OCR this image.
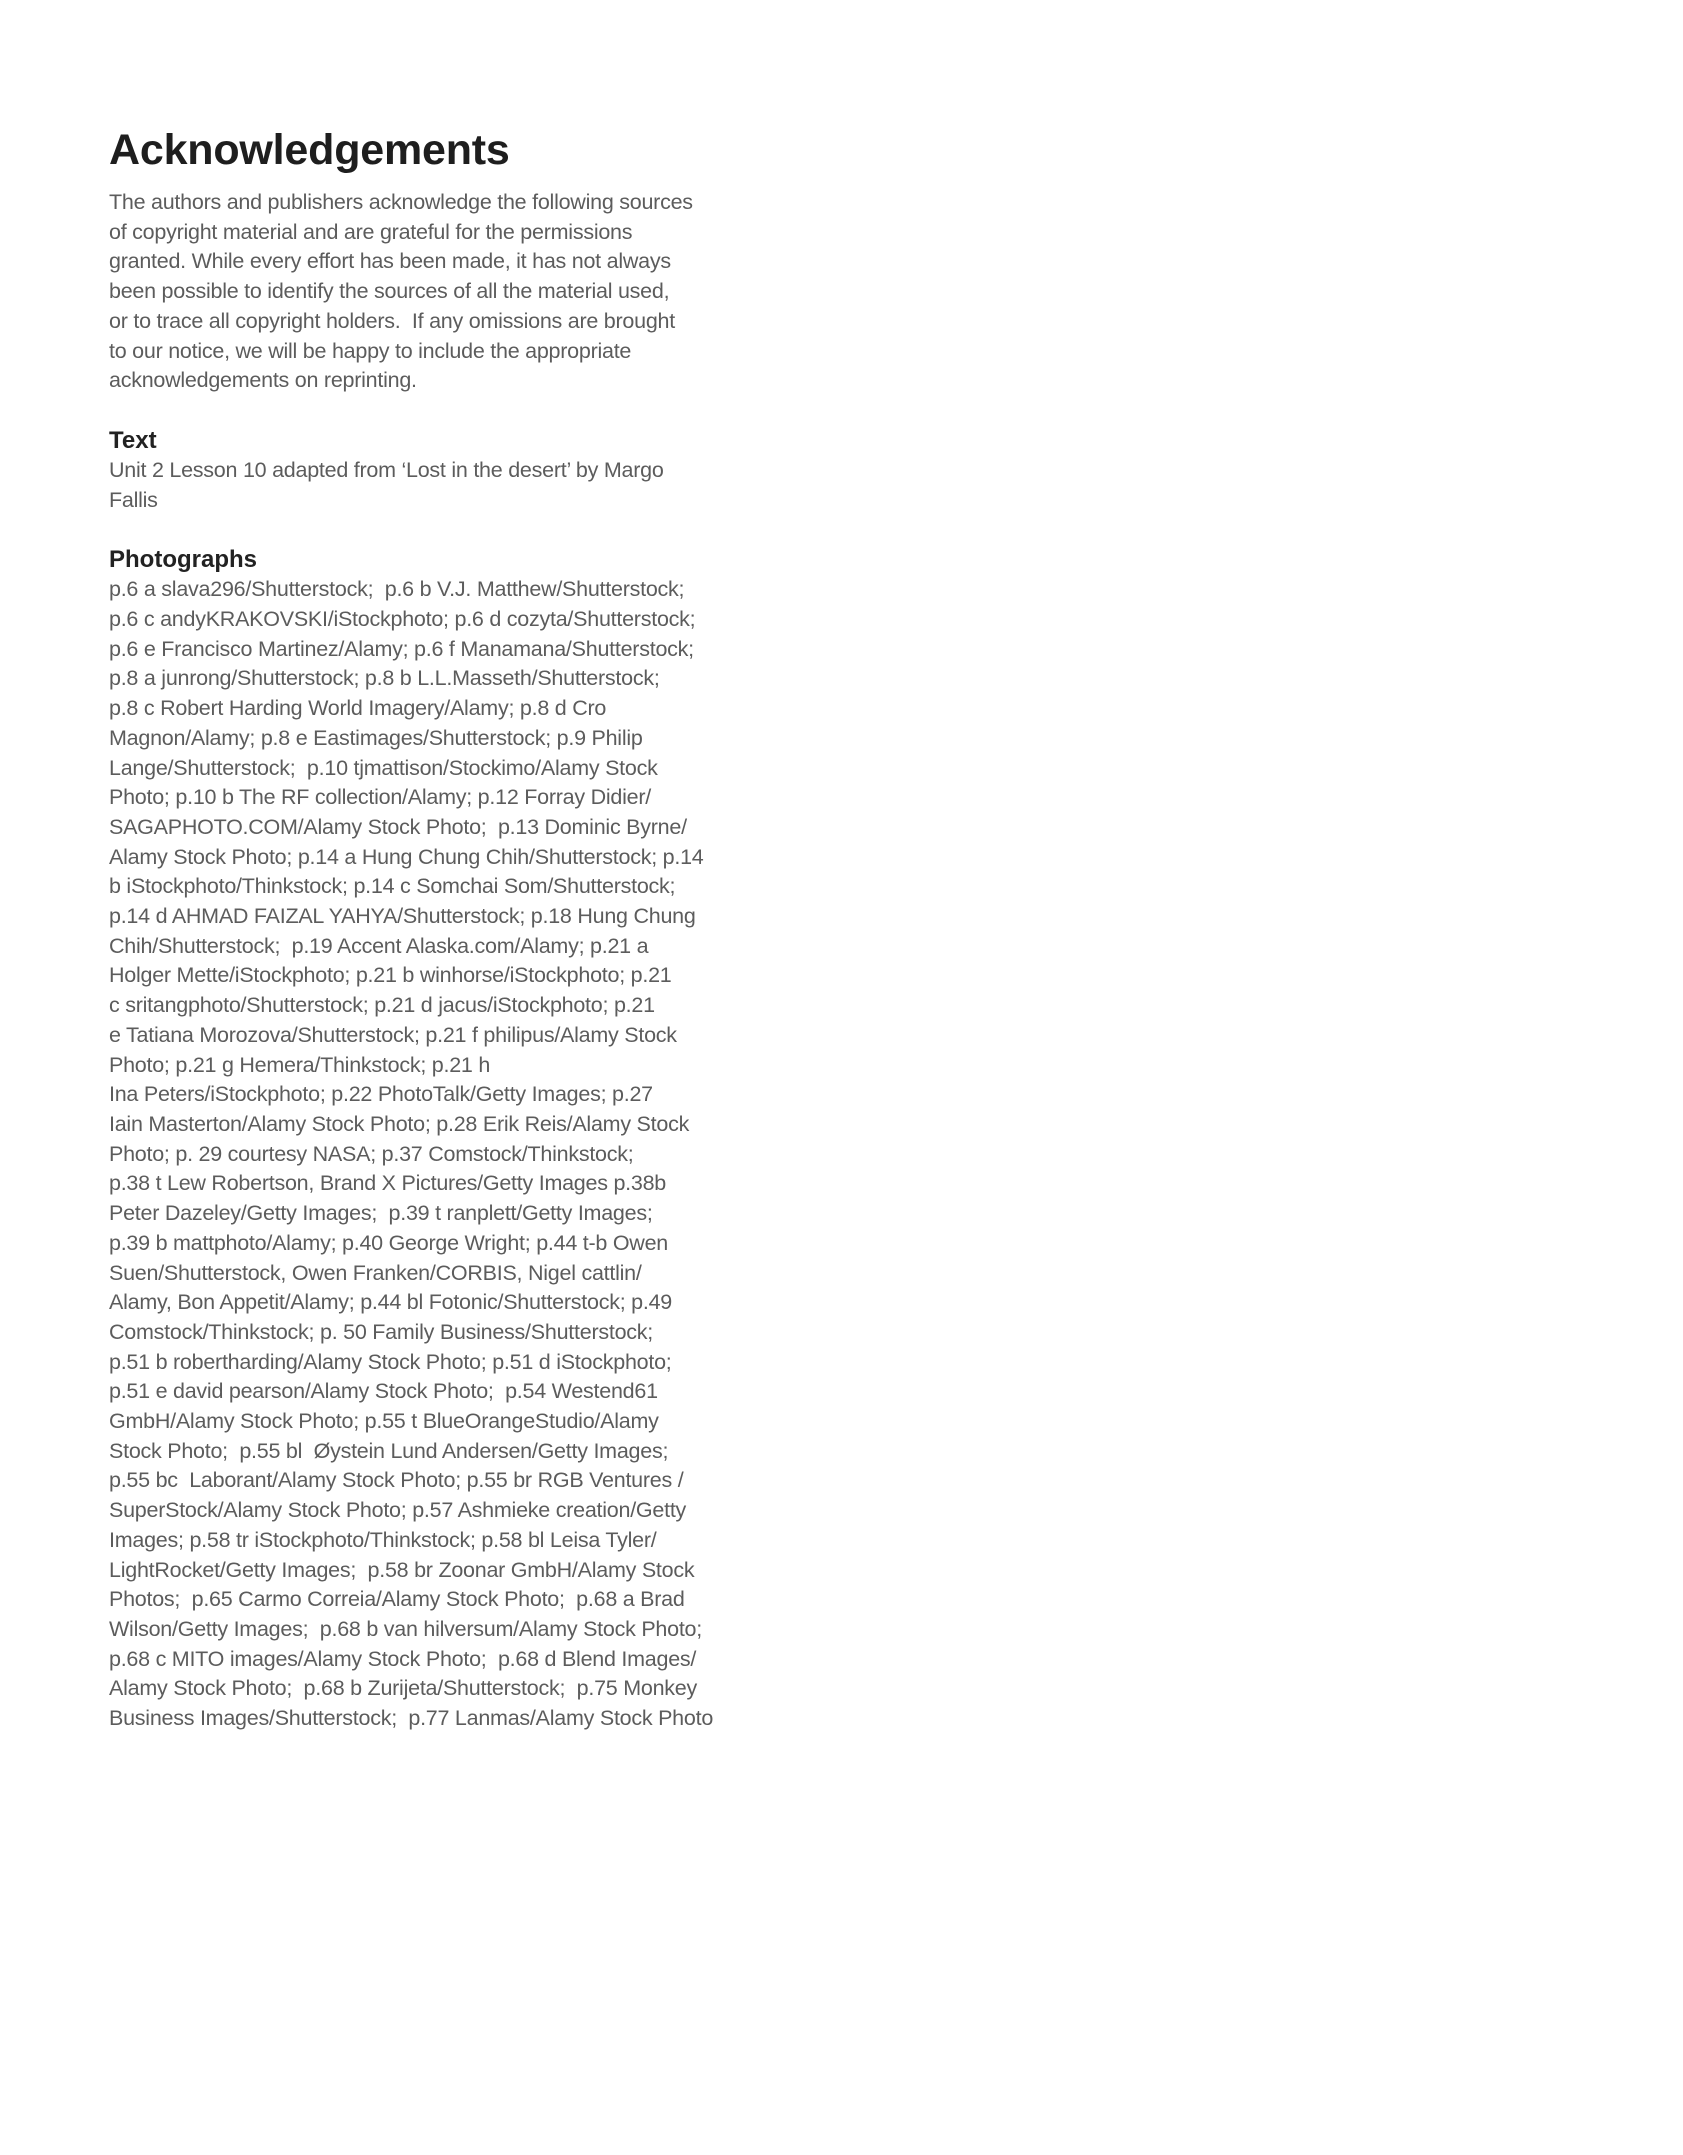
Acknowledgements
The authors and publishers acknowledge the following sources
of copyright material and are grateful for the permissions
granted. While every effort has been made, it has not always
been possible to identify the sources of all the material used,
or to trace all copyright holders.  If any omissions are brought
to our notice, we will be happy to include the appropriate
acknowledgements on reprinting.
Text
Unit 2 Lesson 10 adapted from ‘Lost in the desert’ by Margo
Fallis
Photographs
p.6 a slava296/Shutterstock;  p.6 b V.J. Matthew/Shutterstock;
p.6 c andyKRAKOVSKI/iStockphoto; p.6 d cozyta/Shutterstock;
p.6 e Francisco Martinez/Alamy; p.6 f Manamana/Shutterstock;
p.8 a junrong/Shutterstock; p.8 b L.L.Masseth/Shutterstock;
p.8 c Robert Harding World Imagery/Alamy; p.8 d Cro
Magnon/Alamy; p.8 e Eastimages/Shutterstock; p.9 Philip
Lange/Shutterstock;  p.10 tjmattison/Stockimo/Alamy Stock
Photo; p.10 b The RF collection/Alamy; p.12 Forray Didier/
SAGAPHOTO.COM/Alamy Stock Photo;  p.13 Dominic Byrne/
Alamy Stock Photo; p.14 a Hung Chung Chih/Shutterstock; p.14
b iStockphoto/Thinkstock; p.14 c Somchai Som/Shutterstock;
p.14 d AHMAD FAIZAL YAHYA/Shutterstock; p.18 Hung Chung
Chih/Shutterstock;  p.19 Accent Alaska.com/Alamy; p.21 a
Holger Mette/iStockphoto; p.21 b winhorse/iStockphoto; p.21
c sritangphoto/Shutterstock; p.21 d jacus/iStockphoto; p.21
e Tatiana Morozova/Shutterstock; p.21 f philipus/Alamy Stock
Photo; p.21 g Hemera/Thinkstock; p.21 h
Ina Peters/iStockphoto; p.22 PhotoTalk/Getty Images; p.27
Iain Masterton/Alamy Stock Photo; p.28 Erik Reis/Alamy Stock
Photo; p. 29 courtesy NASA; p.37 Comstock/Thinkstock;
p.38 t Lew Robertson, Brand X Pictures/Getty Images p.38b
Peter Dazeley/Getty Images;  p.39 t ranplett/Getty Images;
p.39 b mattphoto/Alamy; p.40 George Wright; p.44 t-b Owen
Suen/Shutterstock, Owen Franken/CORBIS, Nigel cattlin/
Alamy, Bon Appetit/Alamy; p.44 bl Fotonic/Shutterstock; p.49
Comstock/Thinkstock; p. 50 Family Business/Shutterstock;
p.51 b robertharding/Alamy Stock Photo; p.51 d iStockphoto;
p.51 e david pearson/Alamy Stock Photo;  p.54 Westend61
GmbH/Alamy Stock Photo; p.55 t BlueOrangeStudio/Alamy
Stock Photo;  p.55 bl  Øystein Lund Andersen/Getty Images;
p.55 bc  Laborant/Alamy Stock Photo; p.55 br RGB Ventures /
SuperStock/Alamy Stock Photo; p.57 Ashmieke creation/Getty
Images; p.58 tr iStockphoto/Thinkstock; p.58 bl Leisa Tyler/
LightRocket/Getty Images;  p.58 br Zoonar GmbH/Alamy Stock
Photos;  p.65 Carmo Correia/Alamy Stock Photo;  p.68 a Brad
Wilson/Getty Images;  p.68 b van hilversum/Alamy Stock Photo;
p.68 c MITO images/Alamy Stock Photo;  p.68 d Blend Images/
Alamy Stock Photo;  p.68 b Zurijeta/Shutterstock;  p.75 Monkey
Business Images/Shutterstock;  p.77 Lanmas/Alamy Stock Photo
